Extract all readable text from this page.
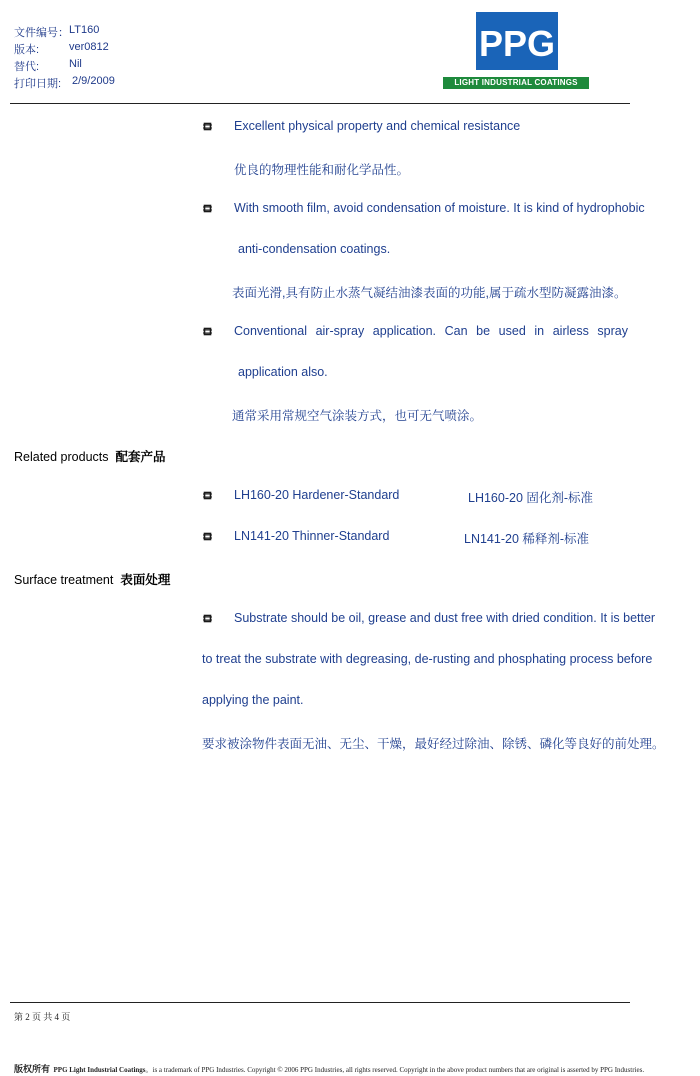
文件编号： LT160
版本:	ver0812
替代:	Nil
打印日期: 2/9/2009
PPG
LIGHT INDUSTRIAL COATINGS
Excellent physical property and chemical resistance
优良的物理性能和耐化学品性。
With smooth film, avoid condensation of moisture. It is kind of hydrophobic
anti-condensation coatings.
表面光滑,具有防止水蒸气凝结油漆表面的功能,属于疏水型防凝露油漆。
Conventional air-spray application. Can be used in airless spray
application also.
通常采用常规空气涂装方式，也可无气喷涂。
Related products 配套产品
LH160-20 Hardener-Standard	LH160-20 固化剂-标准
LN141-20 Thinner-Standard	LN141-20 稀释剂-标准
Surface treatment 表面处理
Substrate should be oil, grease and dust free with dried condition. It is better
to treat the substrate with degreasing, de-rusting and phosphating process before
applying the paint.
要求被涂物件表面无油、无尘、干燥，最好经过除油、除锈、磷化等良好的前处理。
第 2 页 共 4 页
版权所有 PPG Light Industrial Coatings。is a trademark of PPG Industries. Copyright © 2006 PPG Industries, all rights reserved. Copyright in the above product numbers that are original is asserted by PPG Industries.
